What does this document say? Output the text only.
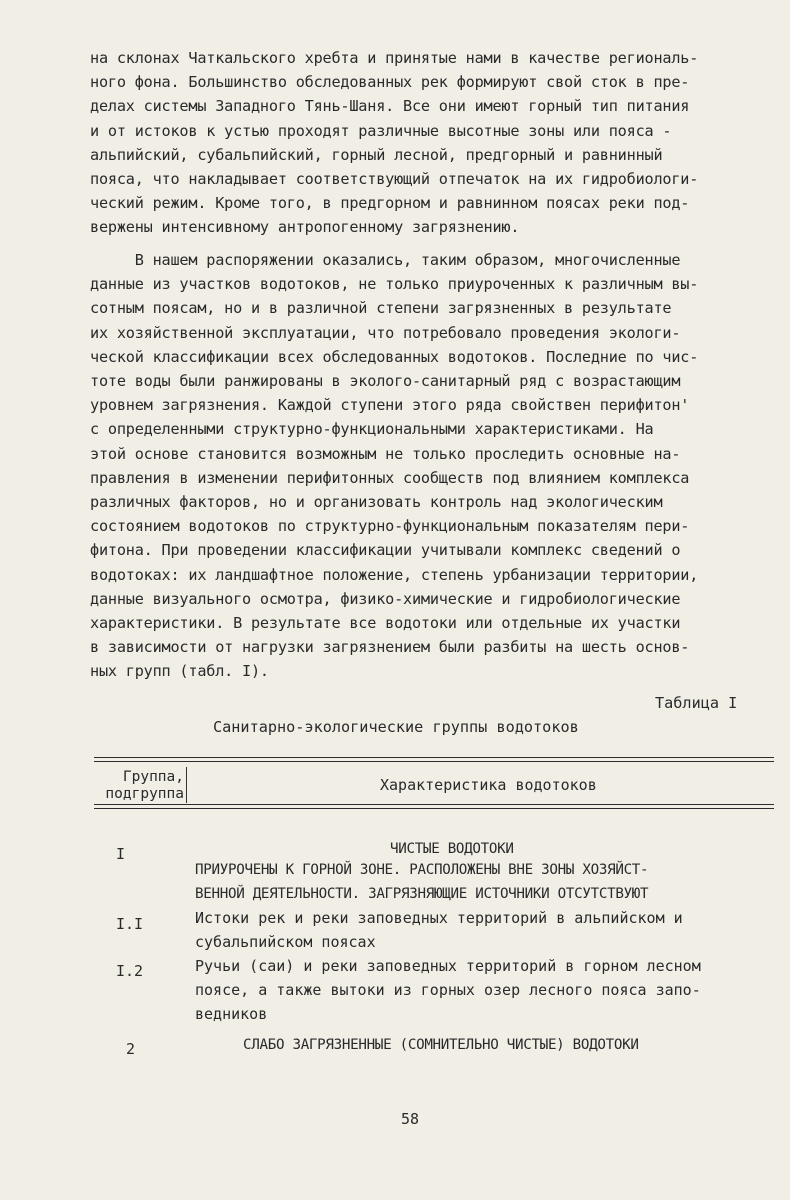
на склонах Чаткальского хребта и принятые нами в качестве региональ-
ного фона. Большинство обследованных рек формируют свой сток в пре-
делах системы Западного Тянь-Шаня. Все они имеют горный тип питания
и от истоков к устью проходят различные высотные зоны или пояса -
альпийский, субальпийский, горный лесной, предгорный и равнинный
пояса, что накладывает соответствующий отпечаток на их гидробиологи-
ческий режим. Кроме того, в предгорном и равнинном поясах реки под-
вержены интенсивному антропогенному загрязнению.
В нашем распоряжении оказались, таким образом, многочисленные
данные из участков водотоков, не только приуроченных к различным вы-
сотным поясам, но и в различной степени загрязненных в результате
их хозяйственной эксплуатации, что потребовало проведения экологи-
ческой классификации всех обследованных водотоков. Последние по чис-
тоте воды были ранжированы в эколого-санитарный ряд с возрастающим
уровнем загрязнения. Каждой ступени этого ряда свойствен перифитон'
с определенными структурно-функциональными характеристиками. На
этой основе становится возможным не только проследить основные на-
правления в изменении перифитонных сообществ под влиянием комплекса
различных факторов, но и организовать контроль над экологическим
состоянием водотоков по структурно-функциональным показателям пери-
фитона. При проведении классификации учитывали комплекс сведений о
водотоках: их ландшафтное положение, степень урбанизации территории,
данные визуального осмотра, физико-химические и гидробиологические
характеристики. В результате все водотоки или отдельные их участки
в зависимости от нагрузки загрязнением были разбиты на шесть основ-
ных групп (табл. I).
Таблица I
Санитарно-экологические группы водотоков
Группа,
подгруппа	Характеристика водотоков
I	ЧИСТЫЕ ВОДОТОКИ
ПРИУРОЧЕНЫ К ГОРНОЙ ЗОНЕ. РАСПОЛОЖЕНЫ ВНЕ ЗОНЫ ХОЗЯЙСТ-
ВЕННОЙ ДЕЯТЕЛЬНОСТИ. ЗАГРЯЗНЯЮЩИЕ ИСТОЧНИКИ ОТСУТСТВУЮТ
I.I	Истоки рек и реки заповедных территорий в альпийском и
субальпийском поясах
I.2	Ручьи (саи) и реки заповедных территорий в горном лесном
поясе, а также вытоки из горных озер лесного пояса запо-
ведников
2	СЛАБО ЗАГРЯЗНЕННЫЕ (СОМНИТЕЛЬНО ЧИСТЫЕ) ВОДОТОКИ
58
